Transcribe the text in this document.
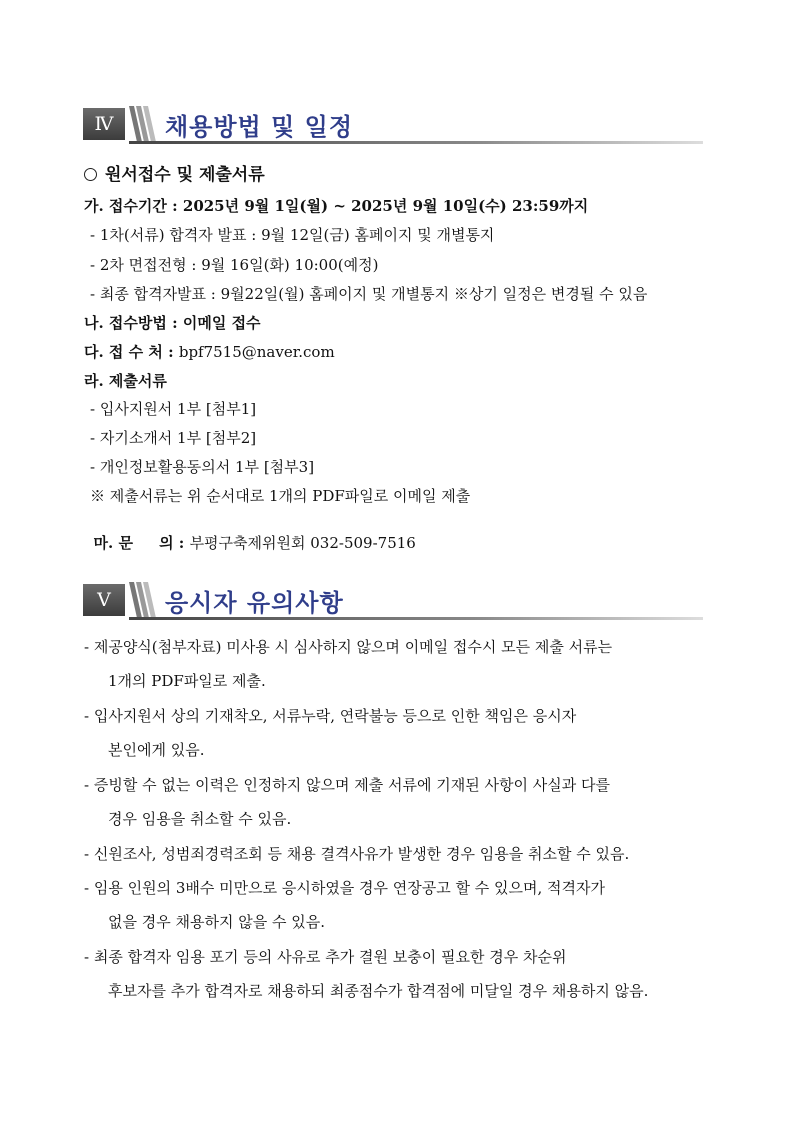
Ⅳ	채용방법 및 일정
원서접수 및 제출서류
가. 접수기간 : 2025년 9월 1일(월) ~ 2025년 9월 10일(수) 23:59까지
- 1차(서류) 합격자 발표 : 9월 12일(금) 홈페이지 및 개별통지
- 2차 면접전형 : 9월 16일(화) 10:00(예정)
- 최종 합격자발표 : 9월22일(월) 홈페이지 및 개별통지 ※상기 일정은 변경될 수 있음
나. 접수방법 : 이메일 접수
다. 접 수 처 : bpf7515@naver.com
라. 제출서류
- 입사지원서 1부 [첨부1]
- 자기소개서 1부 [첨부2]
- 개인정보활용동의서 1부 [첨부3]
※ 제출서류는 위 순서대로 1개의 PDF파일로 이메일 제출

마. 문     의 : 부평구축제위원회 032-509-7516

Ⅴ	응시자 유의사항
- 제공양식(첨부자료) 미사용 시 심사하지 않으며 이메일 접수시 모든 제출 서류는
1개의 PDF파일로 제출.
- 입사지원서 상의 기재착오, 서류누락, 연락불능 등으로 인한 책임은 응시자
본인에게 있음.
- 증빙할 수 없는 이력은 인정하지 않으며 제출 서류에 기재된 사항이 사실과 다를
경우 임용을 취소할 수 있음.
- 신원조사, 성범죄경력조회 등 채용 결격사유가 발생한 경우 임용을 취소할 수 있음.
- 임용 인원의 3배수 미만으로 응시하였을 경우 연장공고 할 수 있으며, 적격자가
없을 경우 채용하지 않을 수 있음.
- 최종 합격자 임용 포기 등의 사유로 추가 결원 보충이 필요한 경우 차순위
후보자를 추가 합격자로 채용하되 최종점수가 합격점에 미달일 경우 채용하지 않음.
